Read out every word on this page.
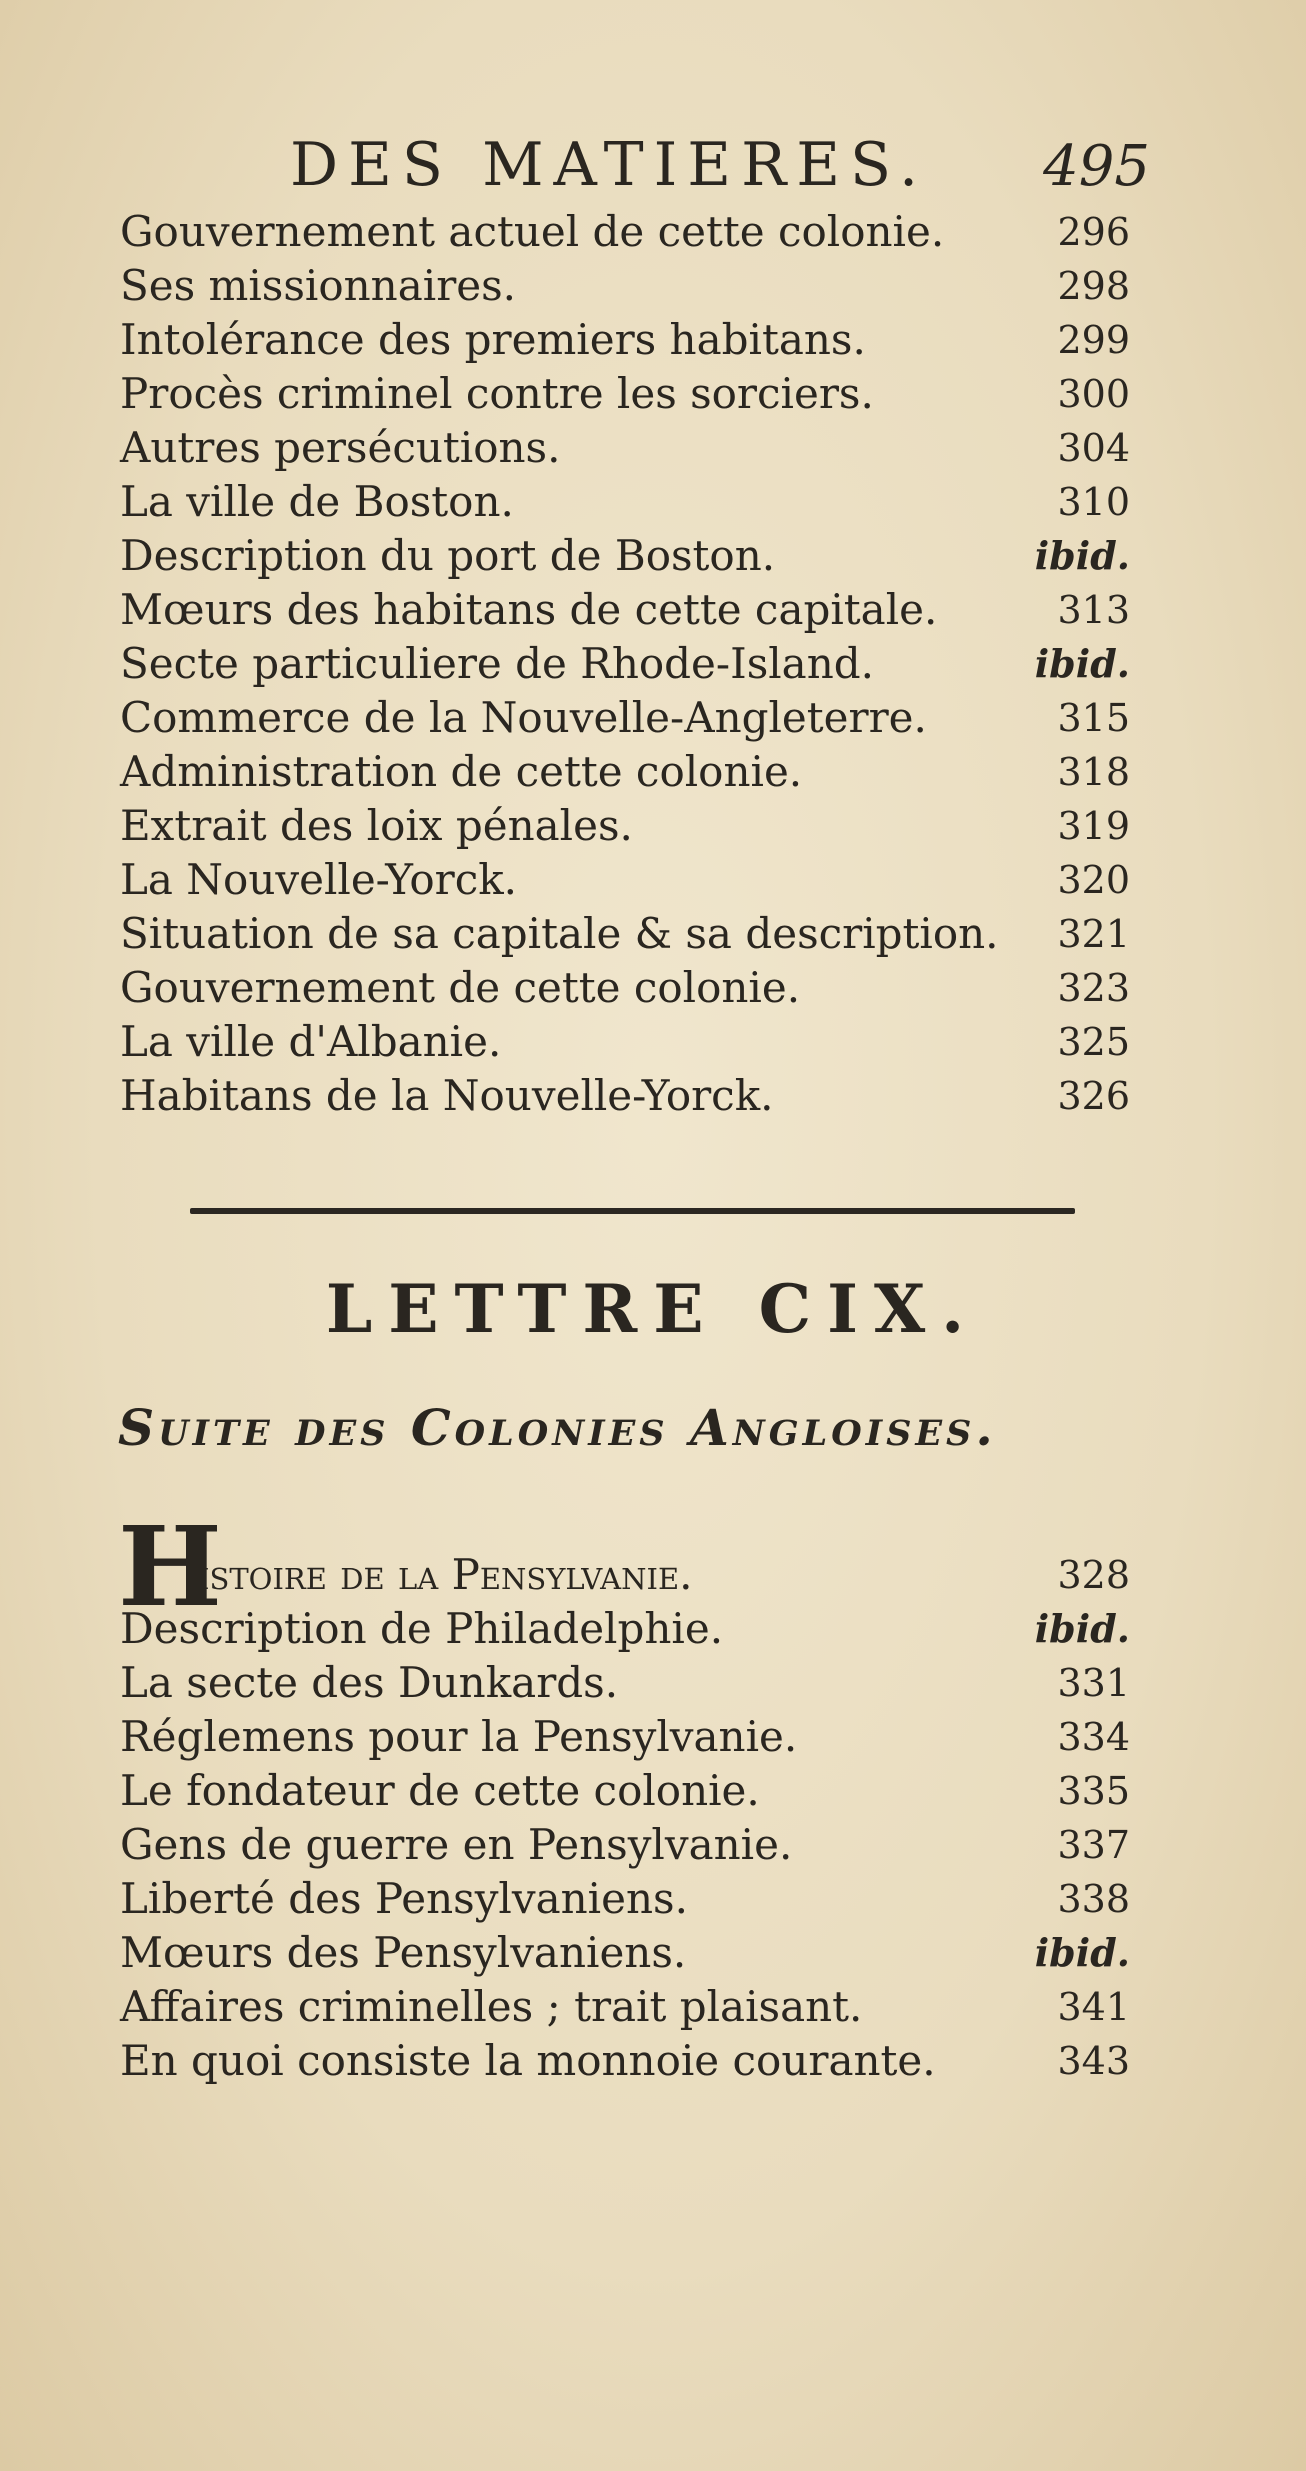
DES MATIERES. 495
Gouvernement actuel de cette colonie.	296
Ses missionnaires.	298
Intolérance des premiers habitans.	299
Procès criminel contre les sorciers.	300
Autres persécutions.	304
La ville de Boston.	310
Description du port de Boston.	ibid.
Mœurs des habitans de cette capitale.	313
Secte particuliere de Rhode-Island.	ibid.
Commerce de la Nouvelle-Angleterre.	315
Administration de cette colonie.	318
Extrait des loix pénales.	319
La Nouvelle-Yorck.	320
Situation de sa capitale & sa description. 321
Gouvernement de cette colonie.	323
La ville d'Albanie.	325
Habitans de la Nouvelle-Yorck.	326
LETTRE CIX.
Suite des Colonies Angloises.
H
istoire de la Pensylvanie.	328
Description de Philadelphie.	ibid.
La secte des Dunkards.	331
Réglemens pour la Pensylvanie.	334
Le fondateur de cette colonie.	335
Gens de guerre en Pensylvanie.	337
Liberté des Pensylvaniens.	338
Mœurs des Pensylvaniens.	ibid.
Affaires criminelles ; trait plaisant.	341
En quoi consiste la monnoie courante.	343
